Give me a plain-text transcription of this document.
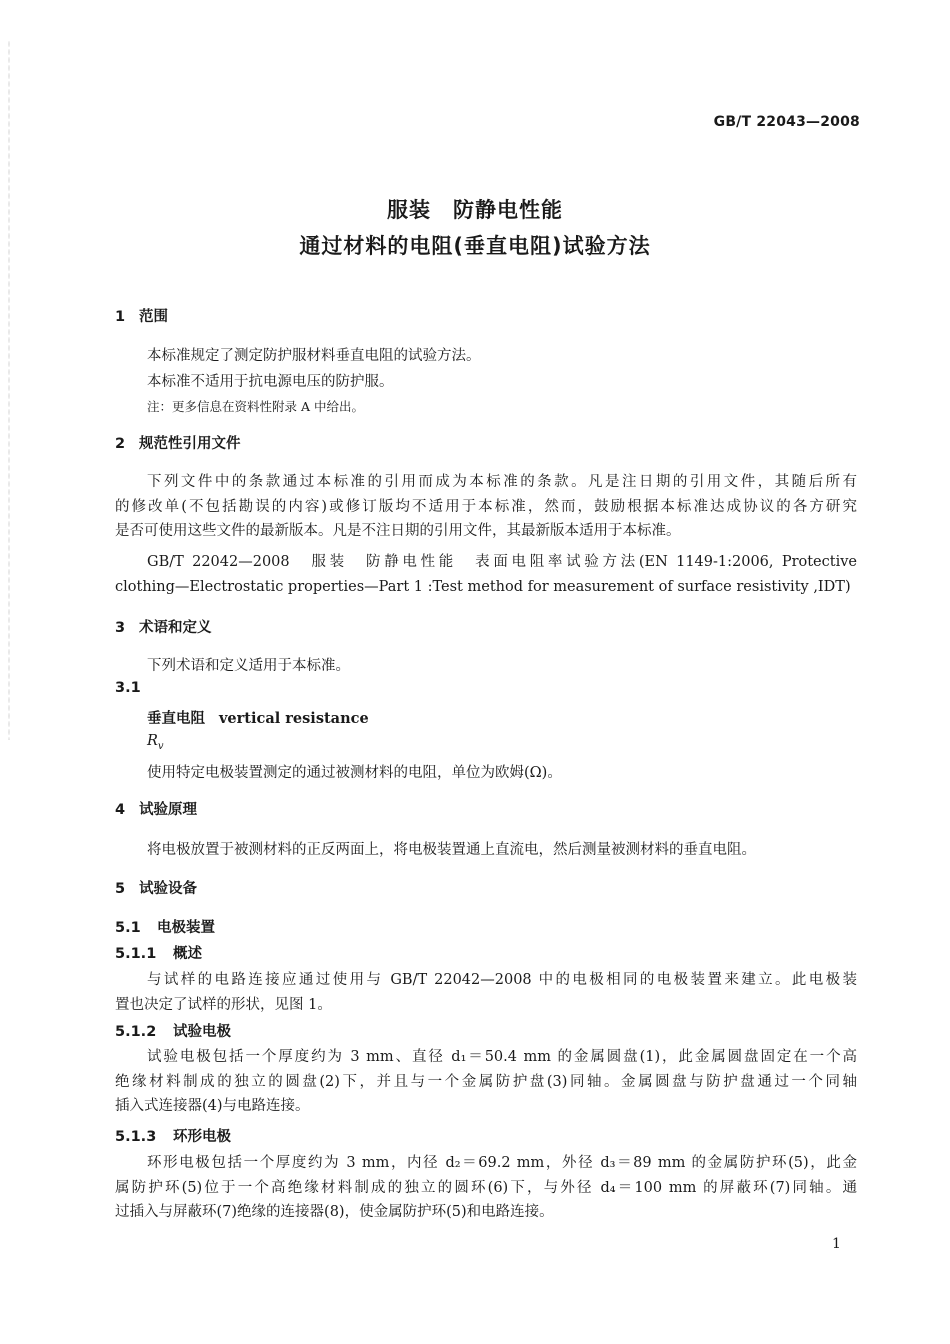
GB/T 22043—2008
服装　防静电性能
通过材料的电阻(垂直电阻)试验方法
1 范围
本标准规定了测定防护服材料垂直电阻的试验方法。
本标准不适用于抗电源电压的防护服。
注：更多信息在资料性附录 A 中给出。
2 规范性引用文件
下列文件中的条款通过本标准的引用而成为本标准的条款。凡是注日期的引用文件，其随后所有
的修改单(不包括勘误的内容)或修订版均不适用于本标准，然而，鼓励根据本标准达成协议的各方研究
是否可使用这些文件的最新版本。凡是不注日期的引用文件，其最新版本适用于本标准。
GB/T 22042—2008　服装　防静电性能　表面电阻率试验方法(EN 1149-1:2006, Protective
clothing—Electrostatic properties—Part 1 :Test method for measurement of surface resistivity ,IDT)
3 术语和定义
下列术语和定义适用于本标准。
3.1
垂直电阻 vertical resistance
$R_v$
使用特定电极装置测定的通过被测材料的电阻，单位为欧姆(Ω)。
4 试验原理
将电极放置于被测材料的正反两面上，将电极装置通上直流电，然后测量被测材料的垂直电阻。
5 试验设备
5.1 电极装置
5.1.1 概述
与试样的电路连接应通过使用与 GB/T 22042—2008 中的电极相同的电极装置来建立。此电极装
置也决定了试样的形状，见图 1。
5.1.2 试验电极
试验电极包括一个厚度约为 3 mm、直径 d₁＝50.4 mm 的金属圆盘(1)，此金属圆盘固定在一个高
绝缘材料制成的独立的圆盘(2)下，并且与一个金属防护盘(3)同轴。金属圆盘与防护盘通过一个同轴
插入式连接器(4)与电路连接。
5.1.3 环形电极
环形电极包括一个厚度约为 3 mm，内径 d₂＝69.2 mm，外径 d₃＝89 mm 的金属防护环(5)，此金
属防护环(5)位于一个高绝缘材料制成的独立的圆环(6)下，与外径 d₄＝100 mm 的屏蔽环(7)同轴。通
过插入与屏蔽环(7)绝缘的连接器(8)，使金属防护环(5)和电路连接。
1
